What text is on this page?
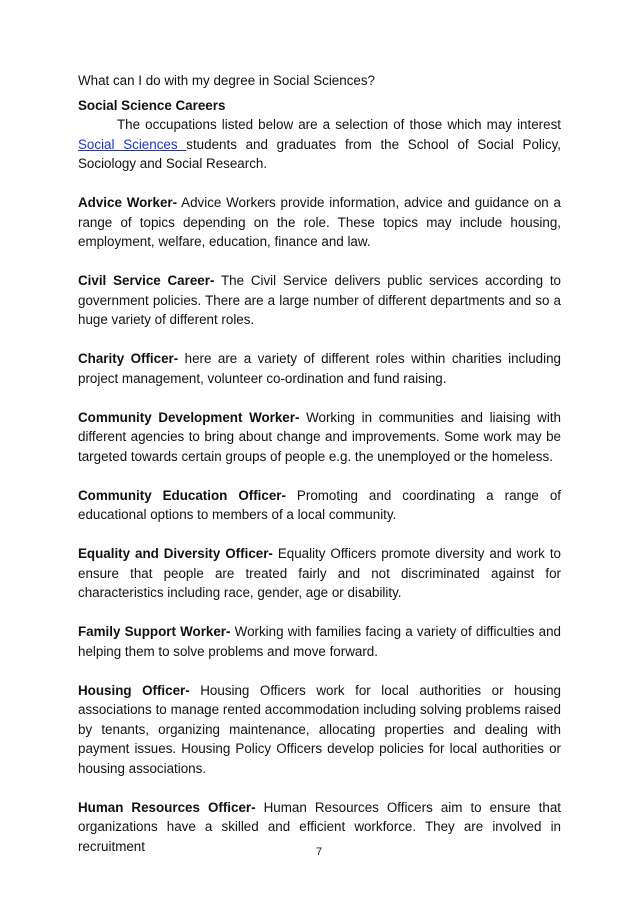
What can I do with my degree in Social Sciences?

Social Science Careers

The occupations listed below are a selection of those which may interest Social Sciences students and graduates from the School of Social Policy, Sociology and Social Research.

Advice Worker- Advice Workers provide information, advice and guidance on a range of topics depending on the role. These topics may include housing, employment, welfare, education, finance and law.

Civil Service Career- The Civil Service delivers public services according to government policies. There are a large number of different departments and so a huge variety of different roles.

Charity Officer- here are a variety of different roles within charities including project management, volunteer co-ordination and fund raising.

Community Development Worker- Working in communities and liaising with different agencies to bring about change and improvements. Some work may be targeted towards certain groups of people e.g. the unemployed or the homeless.

Community Education Officer- Promoting and coordinating a range of educational options to members of a local community.

Equality and Diversity Officer- Equality Officers promote diversity and work to ensure that people are treated fairly and not discriminated against for characteristics including race, gender, age or disability.

Family Support Worker- Working with families facing a variety of difficulties and helping them to solve problems and move forward.

Housing Officer- Housing Officers work for local authorities or housing associations to manage rented accommodation including solving problems raised by tenants, organizing maintenance, allocating properties and dealing with payment issues. Housing Policy Officers develop policies for local authorities or housing associations.

Human Resources Officer- Human Resources Officers aim to ensure that organizations have a skilled and efficient workforce. They are involved in recruitment	7
